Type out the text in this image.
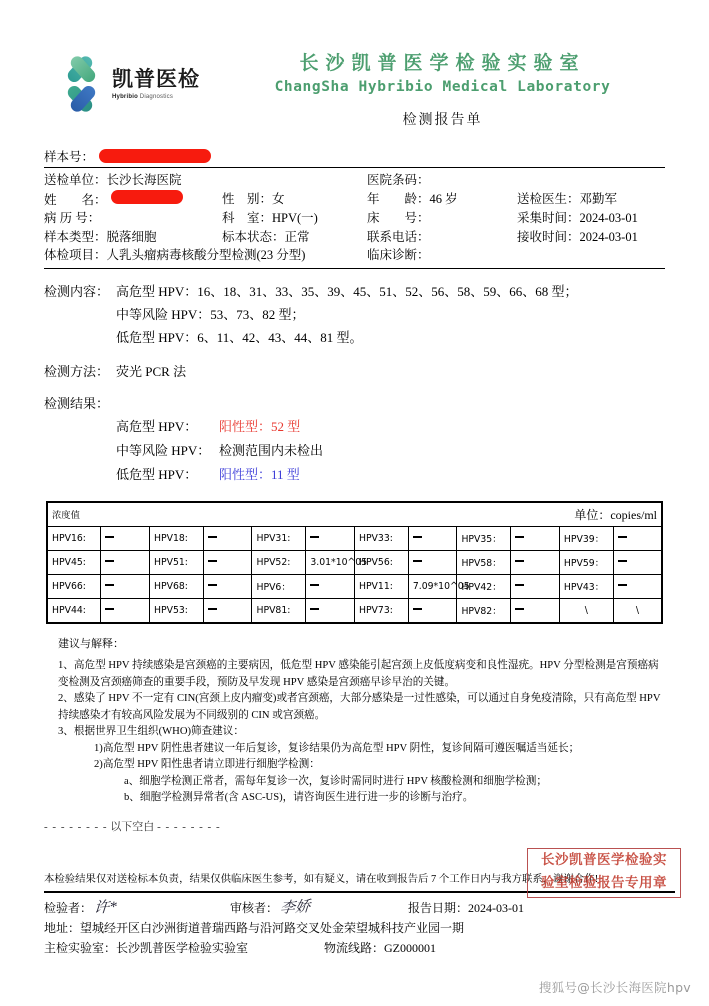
凯普医检
Hybribio Diagnostics
长沙凯普医学检验实验室
ChangSha Hybribio Medical Laboratory
检测报告单
样本号：
送检单位：长沙长海医院	医院条码：
姓　　名：	性　别：女	年　　龄：46 岁	送检医生：邓勤军
病 历 号：	科　室：HPV(一)	床　　号：	采集时间：2024-03-01
样本类型：脱落细胞	标本状态：正常	联系电话：	接收时间：2024-03-01
体检项目：人乳头瘤病毒核酸分型检测(23 分型)	临床诊断：
检测内容： 高危型 HPV：16、18、31、33、35、39、45、51、52、56、58、59、66、68 型；
中等风险 HPV：53、73、82 型；
低危型 HPV：6、11、42、43、44、81 型。
检测方法： 荧光 PCR 法
检测结果：
高危型 HPV：	阳性型：52 型
中等风险 HPV： 检测范围内未检出
低危型 HPV：	阳性型：11 型
浓度值 单位：copies/ml											

HPV16:		HPV18:		HPV31:		HPV33:		HPV35：		HPV39：	
HPV45:		HPV51:		HPV52:	3.01*10^05	HPV56:		HPV58：		HPV59：	
HPV66:		HPV68:		HPV6：		HPV11:	7.09*10^05	HPV42：		HPV43：	
HPV44:		HPV53:		HPV81:		HPV73:		HPV82：		\	\
建议与解释：
1、高危型 HPV 持续感染是宫颈癌的主要病因，低危型 HPV 感染能引起宫颈上皮低度病变和良性湿疣。HPV 分型检测是宫预癌病变检测及宫颈癌筛查的重要手段，预防及早发现 HPV 感染是宫颈癌早诊早治的关键。
2、感染了 HPV 不一定有 CIN(宫颈上皮内瘤变)或者宫颈癌，大部分感染是一过性感染，可以通过自身免疫清除，只有高危型 HPV 持续感染才有较高风险发展为不同级别的 CIN 或宫颈癌。
3、根据世界卫生组织(WHO)筛查建议：
1)高危型 HPV 阴性患者建议一年后复诊，复诊结果仍为高危型 HPV 阴性，复诊间隔可遵医嘱适当延长；
2)高危型 HPV 阳性患者请立即进行细胞学检测：
a、细胞学检测正常者，需每年复诊一次，复诊时需同时进行 HPV 核酸检测和细胞学检测；
b、细胞学检测异常者(含 ASC-US)，请咨询医生进行进一步的诊断与治疗。
- - - - - - - - 以下空白 - - - - - - - -
长沙凯普医学检验实
验室检验报告专用章
本检验结果仅对送检标本负责，结果仅供临床医生参考，如有疑义，请在收到报告后 7 个工作日内与我方联系，谢谢合作!
检验者：许*	审核者：李娇	报告日期：2024-03-01
地址：望城经开区白沙洲街道普瑞西路与沿河路交叉处金荣望城科技产业园一期
主检实验室：长沙凯普医学检验实验室	物流线路：GZ000001
搜狐号@长沙长海医院hpv
